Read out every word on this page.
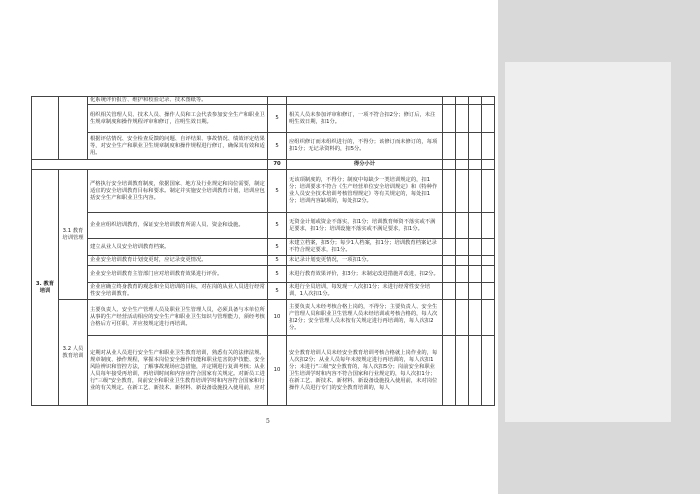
		化系统评价报告、维护和校验记录、技术图纸等。						
		组织相关管理人员、技术人员、操作人员和工会代表参加安全生产和职业卫生规章制度和操作规程评审和修订，注明生效日期。	5	相关人员未参加评审和修订，一项不符合扣2分；修订后，未注明生效日期，扣1分。				
		根据评估情况、安全检查反馈的问题、自评结果、事故情况、绩效评定结果等，对安全生产和职业卫生规章制度和操作规程进行修订，确保其有效和适用。	5	应组织修订而未组织进行的，不得分；该修订而未修订的，每项扣1分；无记录资料的，扣5分。				
			70	得分小计				
3. 教育培训	3.1 教育培训管理	严格执行安全培训教育制度，依据国家、地方及行业规定和岗位需要，制定适宜的安全培训教育目标和要求。制定并实施安全培训教育计划，培训应包括安全生产和职业卫生内容。	5	无该项制度的，不得分；制度中每缺少一类培训规定的，扣1分；培训要求不符合《生产经营单位安全培训规定》和《特种作业人员安全技术培训考核管理规定》等有关规定的，每处扣1分；培训内容缺项的，每处扣2分。				
		企业应组织培训教育，保证安全培训教育所需人员、资金和设施。	5	无资金计划或资金不落实，扣1分；培训教育师资不落实或不满足要求，扣1分；培训设施不落实或不满足要求，扣1分。				
		建立从业人员安全培训教育档案。	5	未建立档案，扣5分；每少1人档案，扣1分；培训教育档案记录不符合规定要求，扣1分。				
		企业安全培训教育计划变更时，应记录变更情况。	5	未记录计划变更情况，一项扣1分。				
		企业安全培训教育主管部门应对培训教育效果进行评价。	5	未进行教育效果评价，扣3分；未制定改进措施并改进，扣2分。				
		企业应确立终身教育的观念和全员培训的目标，对在岗的从业人员进行经常性安全培训教育。	5	未进行全员培训，每发现一人次扣1分；未进行经常性安全培训，1人次扣1分。				
	3.2 人员教育培训	主要负责人、安全生产管理人员及职业卫生管理人员，必须具备与本单位所从事的生产经营活动相应的安全生产和职业卫生知识与管理能力，须经考核合格后方可任职，并应按规定进行再培训。	10	主要负责人未经考核合格上岗的，不得分；主要负责人、安全生产管理人员和职业卫生管理人员未经培训或考核合格的，每人次扣2分；安全管理人员未按有关规定进行再培训的，每人次扣2分。				
		定期对从业人员进行安全生产和职业卫生教育培训，熟悉有关的法律法规、规章制度、操作规程，掌握本岗位安全操作技能和职业危害防护技能、安全风险辨识和管控方法，了解事故现场应急措施，并定期进行复训考核；从业人员每年接受再培训，再培训时间和内容应符合国家有关规定。对新员工进行"三级"安全教育，岗前安全和职业卫生教育培训学时和内容符合国家和行业的有关规定。在新工艺、新技术、新材料、新设备设施投入使用前，应对	10	安全教育培训人员未经安全教育培训考核合格就上岗作业的，每人次扣2分；从业人员每年未按规定进行再培训的，每人次扣1分；未进行"三级"安全教育的，每人次扣5分；岗前安全和职业卫生培训学时和内容不符合国家和行业规定的，每人次扣1分；在新工艺、新技术、新材料、新设备设施投入使用前，未对岗位操作人员进行专门的安全教育培训的，每人				
5
